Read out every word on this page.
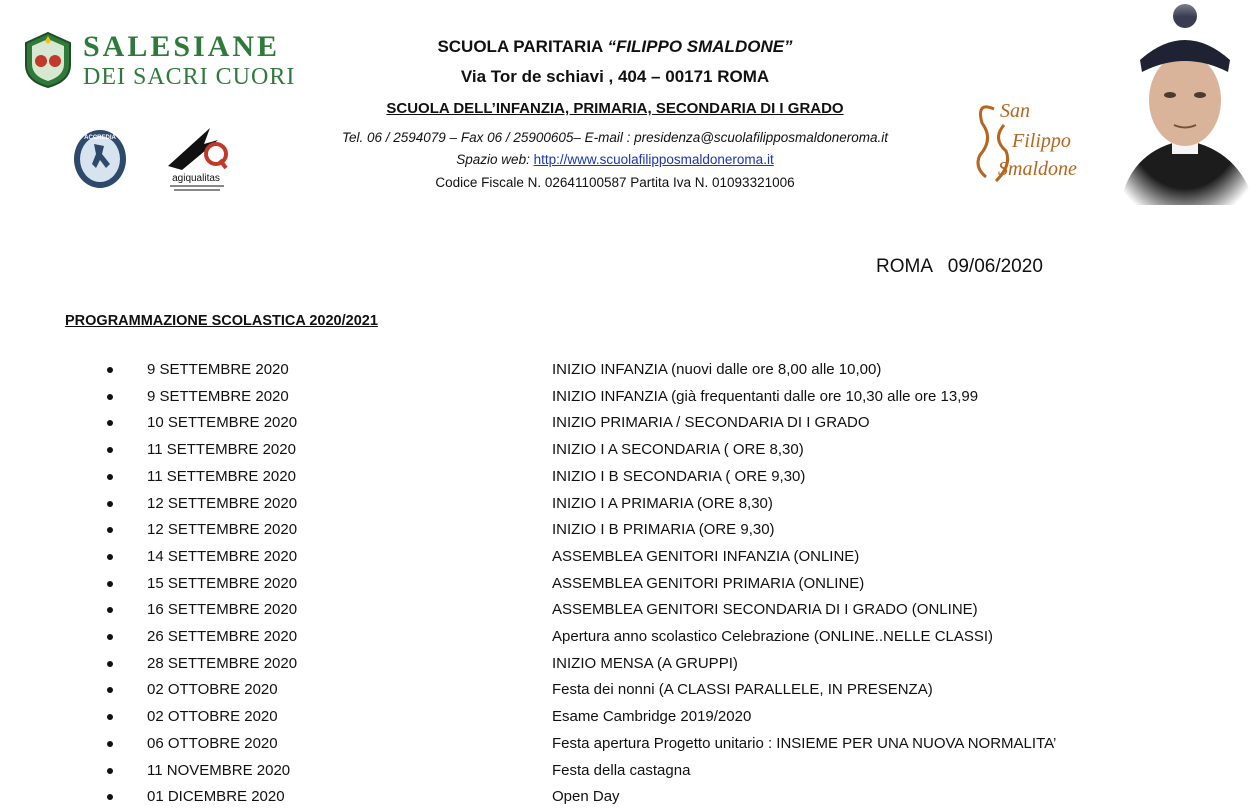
SALESIANE
DEI SACRI CUORI
ACCREDIA
agiqualitas
SCUOLA PARITARIA “FILIPPO SMALDONE”
Via Tor de schiavi , 404 – 00171 ROMA
SCUOLA DELL’INFANZIA, PRIMARIA, SECONDARIA DI I GRADO
Tel. 06 / 2594079 – Fax 06 / 25900605– E-mail : presidenza@scuolafilipposmaldoneroma.it
Spazio web: http://www.scuolafilipposmaldoneroma.it
Codice Fiscale N. 02641100587 Partita Iva N. 01093321006
San
Filippo
Smaldone
ROMA   09/06/2020
PROGRAMMAZIONE SCOLASTICA 2020/2021
9 SETTEMBRE 2020	INIZIO INFANZIA (nuovi dalle ore 8,00 alle 10,00)
9 SETTEMBRE 2020	INIZIO INFANZIA (già frequentanti dalle ore 10,30 alle ore 13,99
10 SETTEMBRE 2020	INIZIO PRIMARIA / SECONDARIA DI I GRADO
11 SETTEMBRE 2020	INIZIO I A SECONDARIA ( ORE 8,30)
11 SETTEMBRE 2020	INIZIO I B SECONDARIA ( ORE 9,30)
12 SETTEMBRE 2020	INIZIO I A PRIMARIA (ORE 8,30)
12 SETTEMBRE 2020	INIZIO I B PRIMARIA (ORE 9,30)
14 SETTEMBRE 2020	ASSEMBLEA GENITORI INFANZIA (ONLINE)
15 SETTEMBRE 2020	ASSEMBLEA GENITORI PRIMARIA (ONLINE)
16 SETTEMBRE 2020	ASSEMBLEA GENITORI SECONDARIA DI I GRADO (ONLINE)
26 SETTEMBRE 2020	Apertura anno scolastico Celebrazione (ONLINE..NELLE CLASSI)
28 SETTEMBRE 2020	INIZIO MENSA (A GRUPPI)
02 OTTOBRE 2020	Festa dei nonni (A CLASSI PARALLELE, IN PRESENZA)
02 OTTOBRE 2020	Esame Cambridge 2019/2020
06 OTTOBRE 2020	Festa apertura Progetto unitario : INSIEME PER UNA NUOVA NORMALITA’
11 NOVEMBRE 2020	Festa della castagna
01 DICEMBRE 2020	Open Day
